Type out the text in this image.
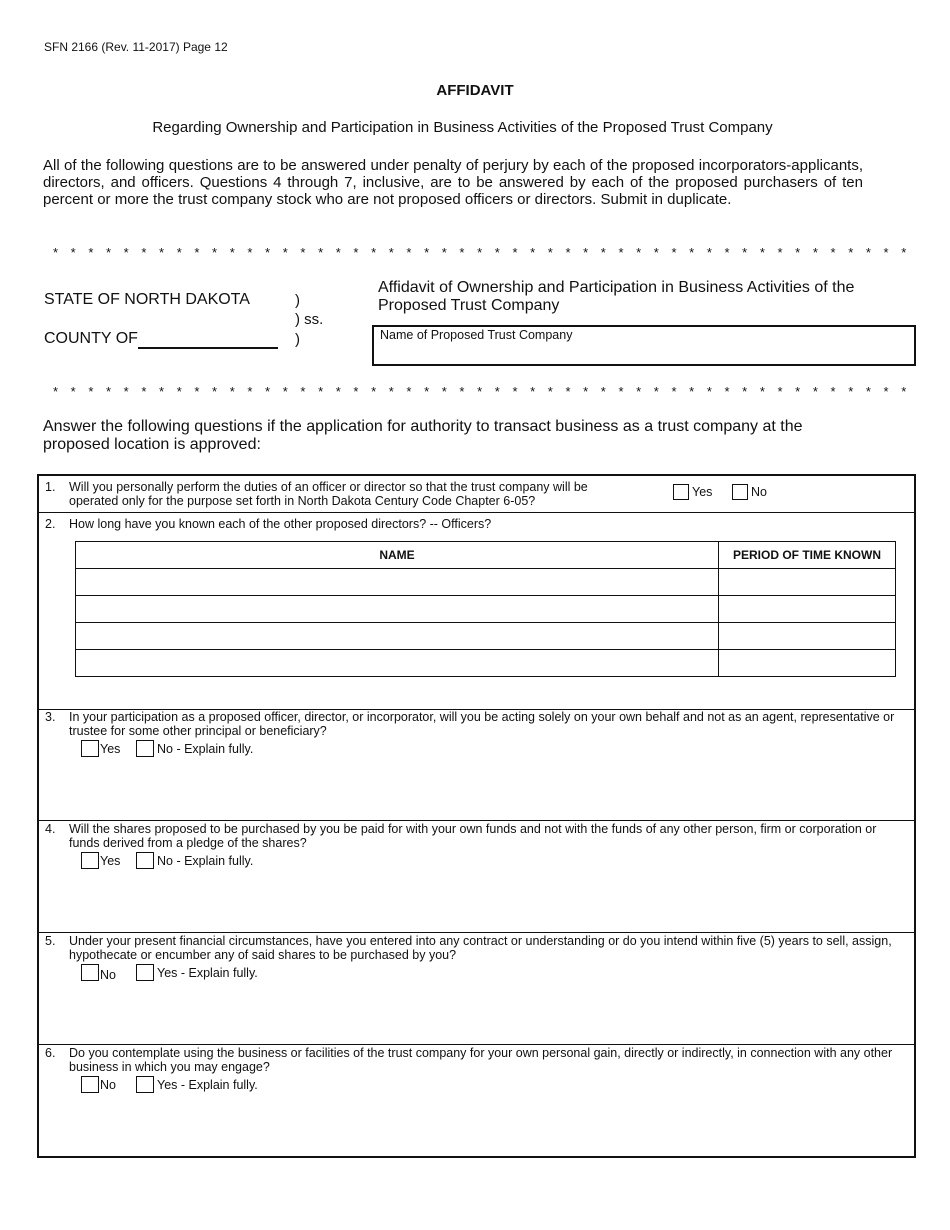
SFN 2166 (Rev. 11-2017) Page 12
AFFIDAVIT
Regarding Ownership and Participation in Business Activities of the Proposed Trust Company
All of the following questions are to be answered under penalty of perjury by each of the proposed incorporators-applicants, directors, and officers. Questions 4 through 7, inclusive, are to be answered by each of the proposed purchasers of ten percent or more the trust company stock who are not proposed officers or directors. Submit in duplicate.
* * * * * * * * * * * * * * * * * * * * * * * * * * * * * * * * * * * * * * * * * * * * * * * * *
STATE OF NORTH DAKOTA
COUNTY OF
)
) ss.
)
Affidavit of Ownership and Participation in Business Activities of the Proposed Trust Company
Name of Proposed Trust Company
* * * * * * * * * * * * * * * * * * * * * * * * * * * * * * * * * * * * * * * * * * * * * * * * *
Answer the following questions if the application for authority to transact business as a trust company at the proposed location is approved:
1. Will you personally perform the duties of an officer or director so that the trust company will be operated only for the purpose set forth in North Dakota Century Code Chapter 6-05?
Yes	No
2. How long have you known each of the other proposed directors? -- Officers?
NAME	PERIOD OF TIME KNOWN

3. In your participation as a proposed officer, director, or incorporator, will you be acting solely on your own behalf and not as an agent, representative or trustee for some other principal or beneficiary?
Yes	No - Explain fully.
4. Will the shares proposed to be purchased by you be paid for with your own funds and not with the funds of any other person, firm or corporation or funds derived from a pledge of the shares?
Yes	No - Explain fully.
5. Under your present financial circumstances, have you entered into any contract or understanding or do you intend within five (5) years to sell, assign, hypothecate or encumber any of said shares to be purchased by you?
No	Yes - Explain fully.
6. Do you contemplate using the business or facilities of the trust company for your own personal gain, directly or indirectly, in connection with any other business in which you may engage?
No	Yes - Explain fully.
